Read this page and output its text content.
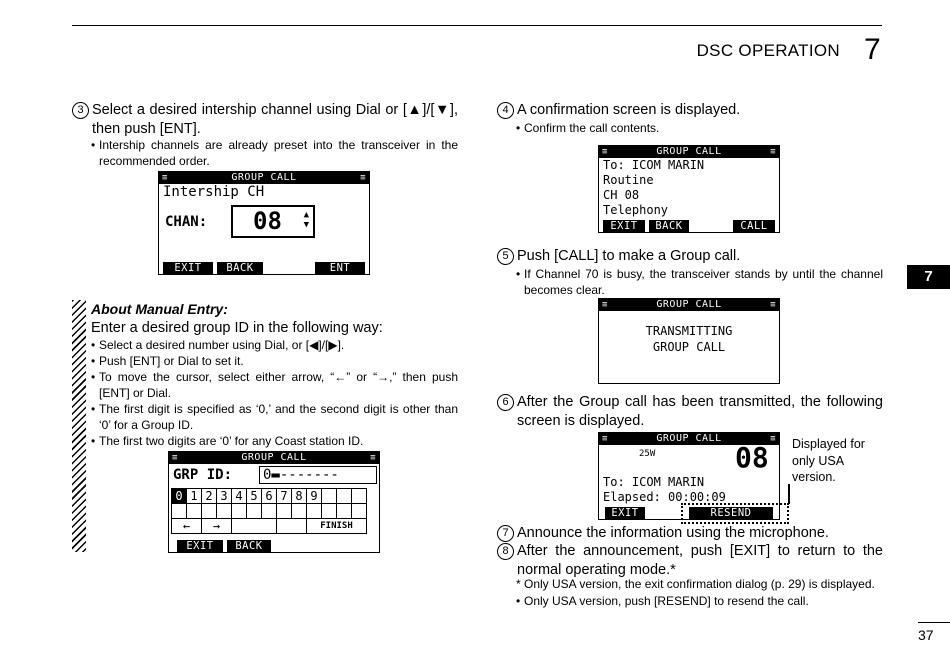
DSC OPERATION 7
7
3 Select a desired intership channel using Dial or [▲]/[▼], then push [ENT].
• Intership channels are already preset into the transceiver in the recommended order.
≡	GROUP CALL	≡
Intership CH
CHAN: 08 ▲
▼
EXIT	BACK	ENT
About Manual Entry:
Enter a desired group ID in the following way:
• Select a desired number using Dial, or [◀]/[▶].
• Push [ENT] or Dial to set it.
• To move the cursor, select either arrow, “←” or “→,” then push [ENT] or Dial.
• The first digit is specified as ‘0,’ and the second digit is other than ‘0’ for a Group ID.
• The first two digits are ‘0’ for any Coast station ID.
≡	GROUP CALL	≡
GRP ID: 0▬-------
0	1	2	3	4	5	6	7	8	9			

←		→							FINISH			
EXIT	BACK
4 A confirmation screen is displayed.
• Confirm the call contents.
≡	GROUP CALL	≡
To: ICOM MARIN
Routine
CH 08
Telephony
EXIT	BACK	CALL
5 Push [CALL] to make a Group call.
• If Channel 70 is busy, the transceiver stands by until the channel becomes clear.
≡	GROUP CALL	≡
TRANSMITTING
GROUP CALL
6 After the Group call has been transmitted, the following screen is displayed.
≡	GROUP CALL	≡
25W	08
To: ICOM MARIN
Elapsed: 00:00:09
EXIT	RESEND
Displayed for only USA version.
7 Announce the information using the microphone.
8 After the announcement, push [EXIT] to return to the normal operating mode.*
* Only USA version, the exit confirmation dialog (p. 29) is displayed.
• Only USA version, push [RESEND] to resend the call.
37
